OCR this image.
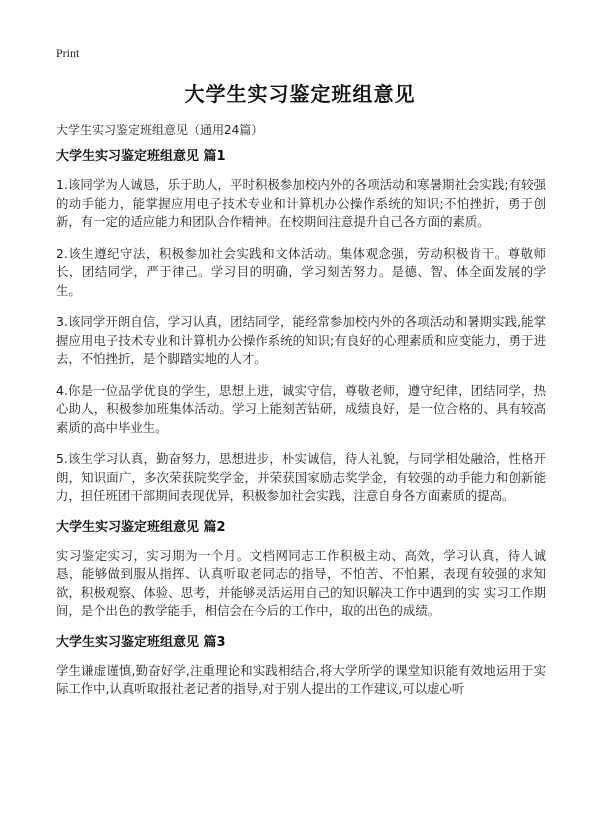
Print
大学生实习鉴定班组意见
大学生实习鉴定班组意见（通用24篇）
大学生实习鉴定班组意见 篇1

1.该同学为人诚恳，乐于助人，平时积极参加校内外的各项活动和寒暑期社会实践;有较强的动手能力，能掌握应用电子技术专业和计算机办公操作系统的知识;不怕挫折，勇于创新，有一定的适应能力和团队合作精神。在校期间注意提升自己各方面的素质。

2.该生遵纪守法，积极参加社会实践和文体活动。集体观念强，劳动积极肯干。尊敬师长，团结同学，严于律己。学习目的明确，学习刻苦努力。是德、智、体全面发展的学生。

3.该同学开朗自信，学习认真，团结同学，能经常参加校内外的各项活动和暑期实践,能掌握应用电子技术专业和计算机办公操作系统的知识;有良好的心理素质和应变能力，勇于进去，不怕挫折，是个脚踏实地的人才。

4.你是一位品学优良的学生，思想上进，诚实守信，尊敬老师，遵守纪律，团结同学，热心助人，积极参加班集体活动。学习上能刻苦钻研，成绩良好，是一位合格的、具有较高素质的高中毕业生。

5.该生学习认真，勤奋努力，思想进步，朴实诚信，待人礼貌，与同学相处融洽，性格开朗，知识面广，多次荣获院奖学金，并荣获国家励志奖学金，有较强的动手能力和创新能力，担任班团干部期间表现优异，积极参加社会实践，注意自身各方面素质的提高。

大学生实习鉴定班组意见 篇2

实习鉴定实习，实习期为一个月。文档网同志工作积极主动、高效，学习认真，待人诚恳，能够做到服从指挥、认真听取老同志的指导，不怕苦、不怕累，表现有较强的求知欲，积极观察、体验、思考，并能够灵活运用自己的知识解决工作中遇到的实 实习工作期间，是个出色的教学能手，相信会在今后的工作中，取的出色的成绩。

大学生实习鉴定班组意见 篇3

学生谦虚谨慎,勤奋好学,注重理论和实践相结合,将大学所学的课堂知识能有效地运用于实际工作中,认真听取报社老记者的指导,对于别人提出的工作建议,可以虚心听
